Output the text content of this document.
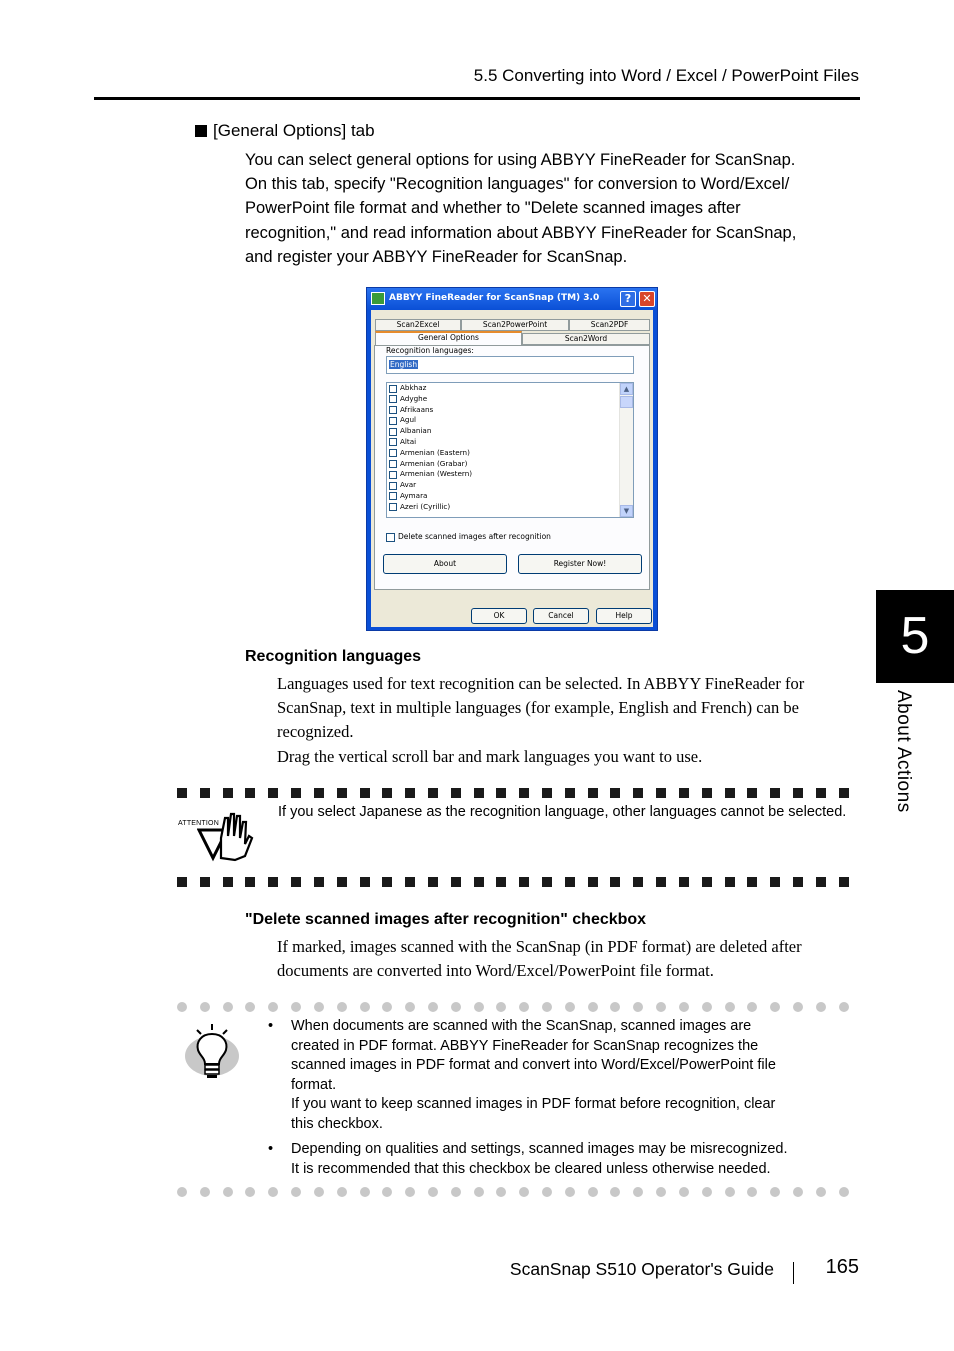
5.5 Converting into Word / Excel / PowerPoint Files
5
About Actions
[General Options] tab

You can select general options for using ABBYY FineReader for ScanSnap.

On this tab, specify "Recognition languages" for conversion to Word/Excel/

PowerPoint file format and whether to "Delete scanned images after

recognition," and read information about ABBYY FineReader for ScanSnap,

and register your ABBYY FineReader for ScanSnap.

ABBYY FineReader for ScanSnap (TM) 3.0	?	✕
Scan2Excel	Scan2PowerPoint	Scan2PDF
Scan2Word
Recognition languages:
English
Abkhaz
Adyghe
Afrikaans
Agul
Albanian
Altai
Armenian (Eastern)
Armenian (Grabar)
Armenian (Western)
Avar
Aymara
Azeri (Cyrillic)
▲
▼
Delete scanned images after recognition
About	Register Now!
General Options
OK	Cancel	Help
Recognition languages

Languages used for text recognition can be selected. In ABBYY FineReader for

ScanSnap, text in multiple languages (for example, English and French) can be

recognized.

Drag the vertical scroll bar and mark languages you want to use.

ATTENTION
If you select Japanese as the recognition language, other languages cannot be selected.
"Delete scanned images after recognition" checkbox

If marked, images scanned with the ScanSnap (in PDF format) are deleted after

documents are converted into Word/Excel/PowerPoint file format.

• When documents are scanned with the ScanSnap, scanned images are

created in PDF format. ABBYY FineReader for ScanSnap recognizes the

scanned images in PDF format and convert into Word/Excel/PowerPoint file

format.

If you want to keep scanned images in PDF format before recognition, clear

this checkbox.

• Depending on qualities and settings, scanned images may be misrecognized.

It is recommended that this checkbox be cleared unless otherwise needed.

ScanSnap S510 Operator's Guide	165
